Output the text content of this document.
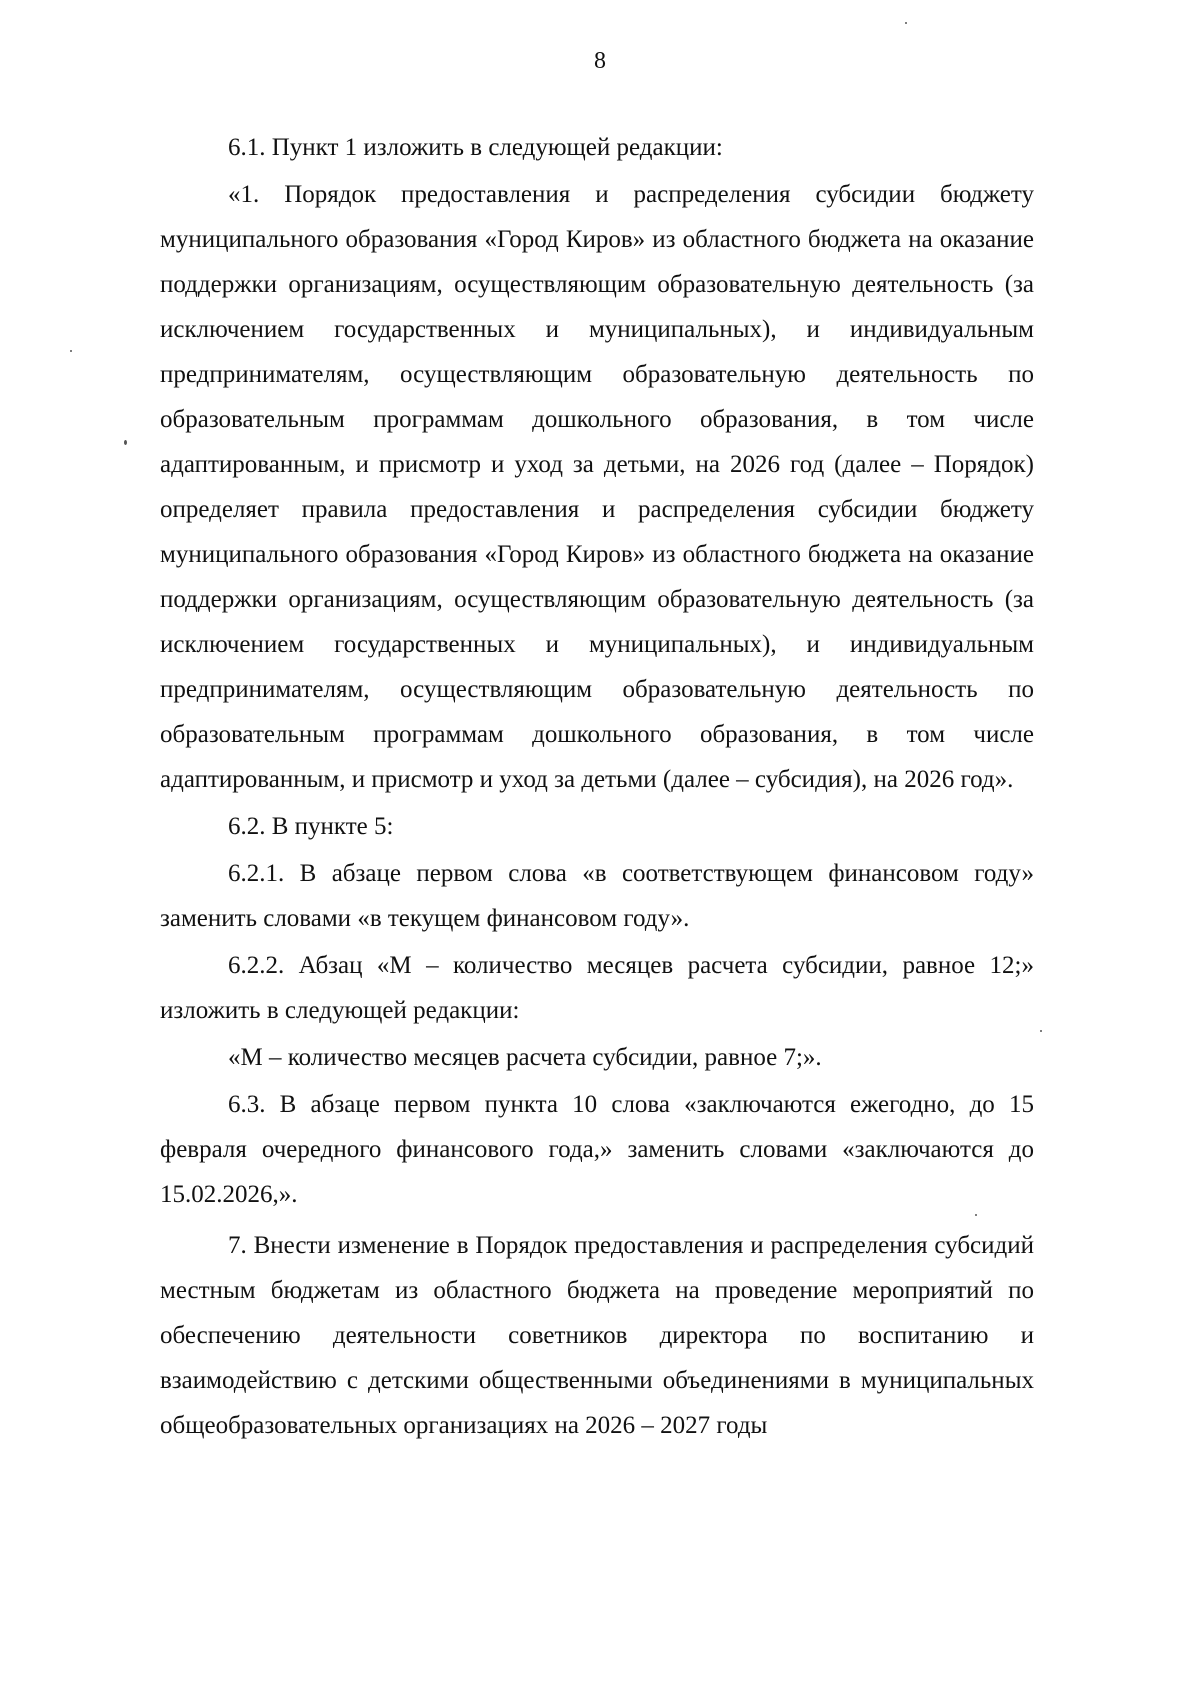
8

6.1. Пункт 1 изложить в следующей редакции:

«1. Порядок предоставления и распределения субсидии бюджету муниципального образования «Город Киров» из областного бюджета на оказание поддержки организациям, осуществляющим образовательную деятельность (за исключением государственных и муниципальных), и индивидуальным предпринимателям, осуществляющим образовательную деятельность по образовательным программам дошкольного образования, в том числе адаптированным, и присмотр и уход за детьми, на 2026 год (далее – Порядок) определяет правила предоставления и распределения субсидии бюджету муниципального образования «Город Киров» из областного бюджета на оказание поддержки организациям, осуществляющим образовательную деятельность (за исключением государственных и муниципальных), и индивидуальным предпринимателям, осуществляющим образовательную деятельность по образовательным программам дошкольного образования, в том числе адаптированным, и присмотр и уход за детьми (далее – субсидия), на 2026 год».

6.2. В пункте 5:

6.2.1. В абзаце первом слова «в соответствующем финансовом году» заменить словами «в текущем финансовом году».

6.2.2. Абзац «М – количество месяцев расчета субсидии, равное 12;» изложить в следующей редакции:

«М – количество месяцев расчета субсидии, равное 7;».

6.3. В абзаце первом пункта 10 слова «заключаются ежегодно, до 15 февраля очередного финансового года,» заменить словами «заключаются до 15.02.2026,».

7. Внести изменение в Порядок предоставления и распределения субсидий местным бюджетам из областного бюджета на проведение мероприятий по обеспечению деятельности советников директора по воспитанию и взаимодействию с детскими общественными объединениями в муниципальных общеобразовательных организациях на 2026 – 2027 годы
